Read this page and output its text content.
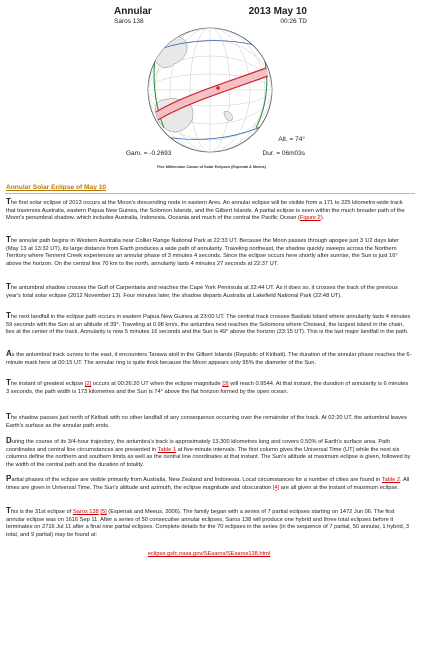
Annular	2013 May 10
Saros 138	00:26 TD
Alt. = 74°
Gam. = -0.2693	Dur. = 06m03s
Five Millennium Canon of Solar Eclipses (Espenak & Meeus)
Annular Solar Eclipse of May 10

The first solar eclipse of 2013 occurs at the Moon's descending node in eastern Ares. An annular eclipse will be visible from a 171 to 225 kilometre-wide track that traverses Australia, eastern Papua New Guinea, the Solomon Islands, and the Gilbert Islands. A partial eclipse is seen within the much broader path of the Moon's penumbral shadow, which includes Australia, Indonesia, Oceania and much of the central the Pacific Ocean (Figure 2).

The annular path begins in Western Australia near Collier Range National Park at 22:33 UT. Because the Moon passes through apogee just 3 1/2 days later (May 13 at 13:32 UT), its large distance from Earth produces a wide path of annularity. Traveling northeast, the shadow quickly sweeps across the Northern Territory where Tennent Creek experiences an annular phase of 3 minutes 4 seconds. Since the eclipse occurs here shortly after sunrise, the Sun is just 16° above the horizon. On the central line 70 km to the north, annularity lasts 4 minutes 27 seconds at 22:37 UT.

The antumbral shadow crosses the Gulf of Carpentaria and reaches the Cape York Peninsula at 22:44 UT. As it does so, it crosses the track of the previous year's total solar eclipse (2012 November 13). Four minutes later, the shadow departs Australia at Lakefield National Park (22:48 UT).

The next landfall in the eclipse path occurs in eastern Papua New Guinea at 23:00 UT. The central track crosses Basilaki Island where annularity lasts 4 minutes 59 seconds with the Sun at an altitude of 39°. Traveling at 0.98 km/s, the antumbra next reaches the Solomons where Choiseul, the largest island in the chain, lies at the center of the track. Annularity is now 5 minutes 16 seconds and the Sun is 49° above the horizon (23:15 UT). This is the last major landfall in the path.

As the antumbral track curves to the east, it encounters Tarawa atoll in the Gilbert Islands (Republic of Kiribati). The duration of the annular phase reaches the 6-minute mark here at 00:15 UT. The annular ring is quite thick because the Moon appears only 95% the diameter of the Sun.

The instant of greatest eclipse [2] occurs at 00:26:20 UT when the eclipse magnitude [3] will reach 0.9544. At that instant, the duration of annularity is 6 minutes 3 seconds, the path width is 173 kilometres and the Sun is 74° above the flat horizon formed by the open ocean.

The shadow passes just north of Kiribati with no other landfall of any consequence occurring over the remainder of the track. At 02:20 UT, the antumbral leaves Earth's surface as the annular path ends.

During the course of its 3/4-hour trajectory, the antumbra's track is approximately 13,300 kilometres long and covers 0.50% of Earth's surface area. Path coordinates and central line circumstances are presented in Table 1 at five-minute intervals. The first column gives the Universal Time (UT) while the next six columns define the northern and southern limits as well as the central line coordinates at that instant. The Sun's altitude at maximum eclipse is given, followed by the width of the central path and the duration of totality.

Partial phases of the eclipse are visible primarily from Australia, New Zealand and Indonesia. Local circumstances for a number of cities are found in Table 2. All times are given in Universal Time. The Sun's altitude and azimuth, the eclipse magnitude and obscuration [4] are all given at the instant of maximum eclipse.

This is the 31st eclipse of Saros 138 [5] (Espenak and Meeus, 2006). The family began with a series of 7 partial eclipses starting on 1472 Jun 06. The first annular eclipse was on 1616 Sep 11. After a series of 50 consecutive annular eclipses, Saros 138 will produce one hybrid and three total eclipses before it terminates on 2716 Jul 11 after a final nine partial eclipses. Complete details for the 70 eclipses in the series (in the sequence of 7 partial, 50 annular, 1 hybrid, 3 total, and 9 partial) may be found at:

eclipse.gsfc.nasa.gov/SEsaros/SEsaros138.html
